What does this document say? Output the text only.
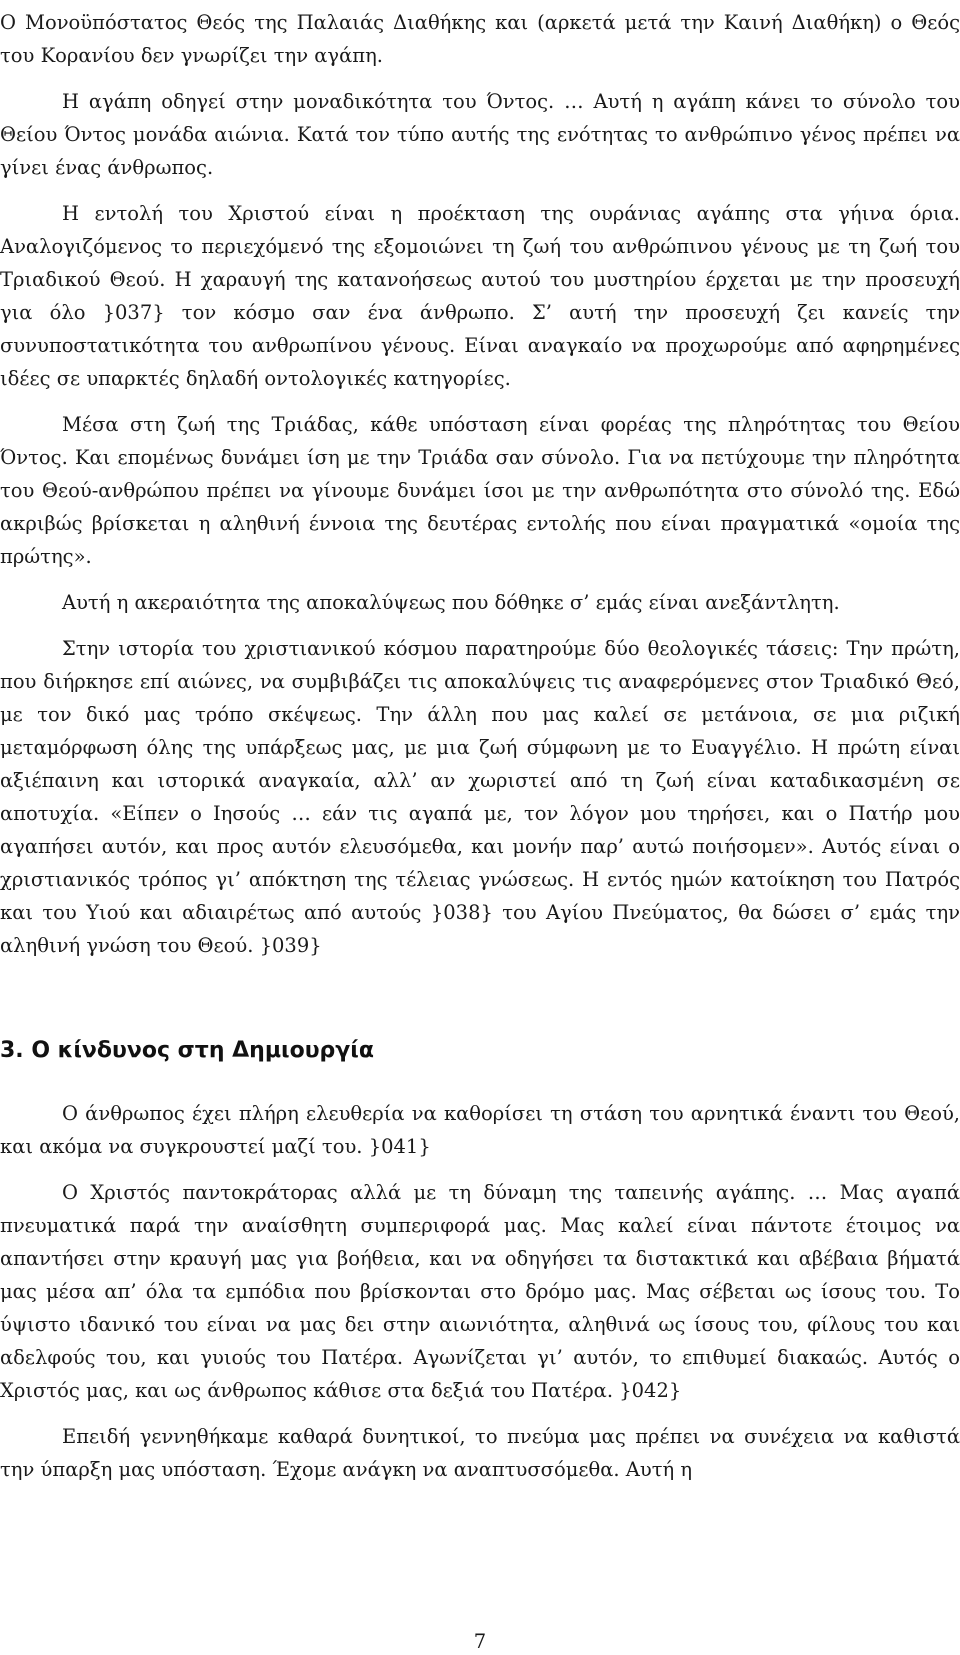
Ο Μονοϋπόστατος Θεός της Παλαιάς Διαθήκης και (αρκετά μετά την Καινή Διαθήκη) ο Θεός του Κορανίου δεν γνωρίζει την αγάπη.

Η αγάπη οδηγεί στην μοναδικότητα του Όντος. … Αυτή η αγάπη κάνει το σύνολο του Θείου Όντος μονάδα αιώνια. Κατά τον τύπο αυτής της ενότητας το ανθρώπινο γένος πρέπει να γίνει ένας άνθρωπος.

Η εντολή του Χριστού είναι η προέκταση της ουράνιας αγάπης στα γήινα όρια. Αναλογιζόμενος το περιεχόμενό της εξομοιώνει τη ζωή του ανθρώπινου γένους με τη ζωή του Τριαδικού Θεού. Η χαραυγή της κατανοήσεως αυτού του μυστηρίου έρχεται με την προσευχή για όλο }037} τον κόσμο σαν ένα άνθρωπο. Σ’ αυτή την προσευχή ζει κανείς την συνυποστατικότητα του ανθρωπίνου γένους. Είναι αναγκαίο να προχωρούμε από αφηρημένες ιδέες σε υπαρκτές δηλαδή οντολογικές κατηγορίες.

Μέσα στη ζωή της Τριάδας, κάθε υπόσταση είναι φορέας της πληρότητας του Θείου Όντος. Και επομένως δυνάμει ίση με την Τριάδα σαν σύνολο. Για να πετύχουμε την πληρότητα του Θεού-ανθρώπου πρέπει να γίνουμε δυνάμει ίσοι με την ανθρωπότητα στο σύνολό της. Εδώ ακριβώς βρίσκεται η αληθινή έννοια της δευτέρας εντολής που είναι πραγματικά «ομοία της πρώτης».

Αυτή η ακεραιότητα της αποκαλύψεως που δόθηκε σ’ εμάς είναι ανεξάντλητη.

Στην ιστορία του χριστιανικού κόσμου παρατηρούμε δύο θεολογικές τάσεις: Την πρώτη, που διήρκησε επί αιώνες, να συμβιβάζει τις αποκαλύψεις τις αναφερόμενες στον Τριαδικό Θεό, με τον δικό μας τρόπο σκέψεως. Την άλλη που μας καλεί σε μετάνοια, σε μια ριζική μεταμόρφωση όλης της υπάρξεως μας, με μια ζωή σύμφωνη με το Ευαγγέλιο. Η πρώτη είναι αξιέπαινη και ιστορικά αναγκαία, αλλ’ αν χωριστεί από τη ζωή είναι καταδικασμένη σε αποτυχία. «Είπεν ο Ιησούς … εάν τις αγαπά με, τον λόγον μου τηρήσει, και ο Πατήρ μου αγαπήσει αυτόν, και προς αυτόν ελευσόμεθα, και μονήν παρ’ αυτώ ποιήσομεν». Αυτός είναι ο χριστιανικός τρόπος γι’ απόκτηση της τέλειας γνώσεως. Η εντός ημών κατοίκηση του Πατρός και του Υιού και αδιαιρέτως από αυτούς }038} του Αγίου Πνεύματος, θα δώσει σ’ εμάς την αληθινή γνώση του Θεού. }039}

3. Ο κίνδυνος στη Δημιουργία

Ο άνθρωπος έχει πλήρη ελευθερία να καθορίσει τη στάση του αρνητικά έναντι του Θεού, και ακόμα να συγκρουστεί μαζί του. }041}

Ο Χριστός παντοκράτορας αλλά με τη δύναμη της ταπεινής αγάπης. … Μας αγαπά πνευματικά παρά την αναίσθητη συμπεριφορά μας. Μας καλεί είναι πάντοτε έτοιμος να απαντήσει στην κραυγή μας για βοήθεια, και να οδηγήσει τα διστακτικά και αβέβαια βήματά μας μέσα απ’ όλα τα εμπόδια που βρίσκονται στο δρόμο μας. Μας σέβεται ως ίσους του. Το ύψιστο ιδανικό του είναι να μας δει στην αιωνιότητα, αληθινά ως ίσους του, φίλους του και αδελφούς του, και γυιούς του Πατέρα. Αγωνίζεται γι’ αυτόν, το επιθυμεί διακαώς. Αυτός ο Χριστός μας, και ως άνθρωπος κάθισε στα δεξιά του Πατέρα. }042}

Επειδή γεννηθήκαμε καθαρά δυνητικοί, το πνεύμα μας πρέπει να συνέχεια να καθιστά την ύπαρξη μας υπόσταση. Έχομε ανάγκη να αναπτυσσόμεθα. Αυτή η

7
